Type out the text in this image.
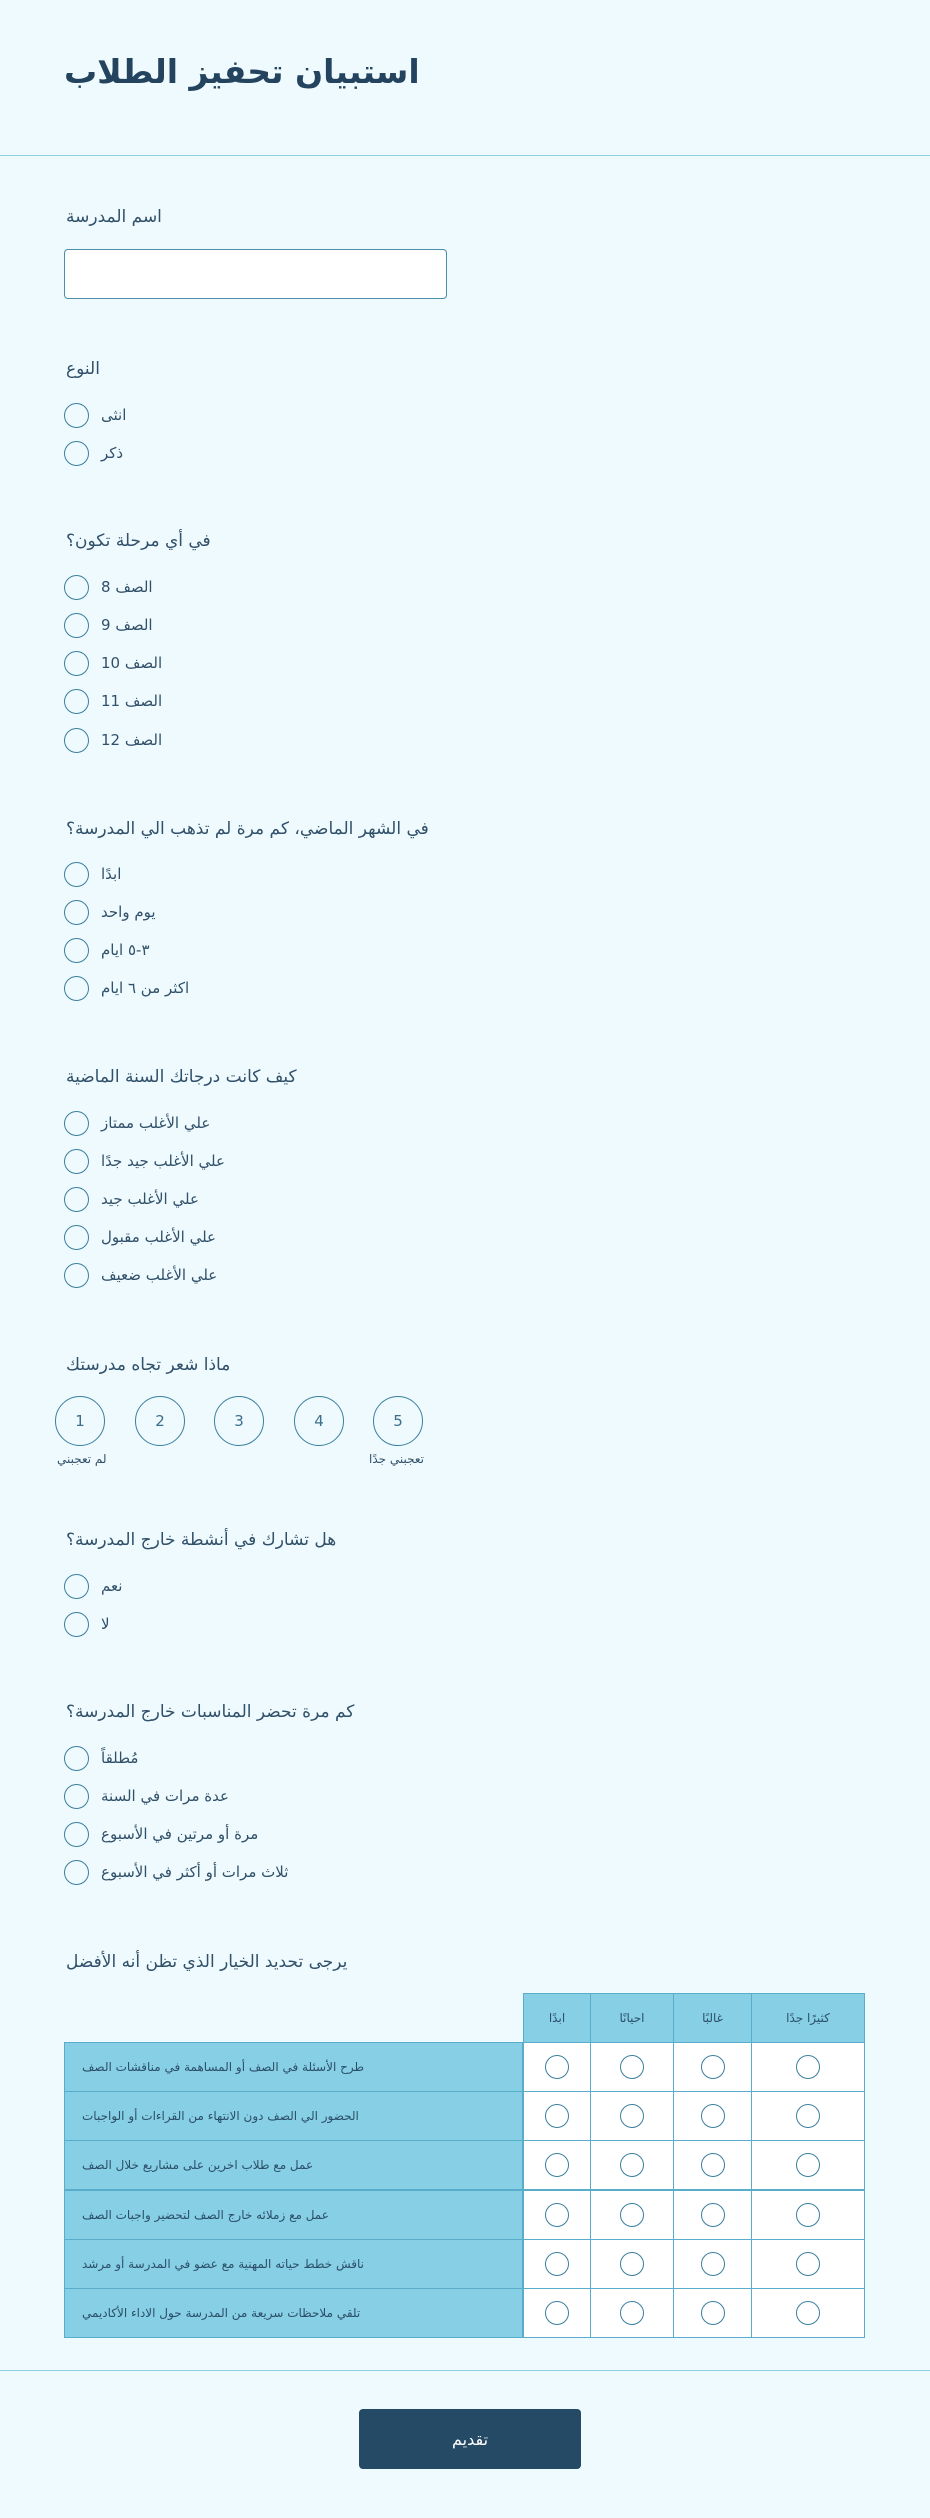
استبيان تحفيز الطلاب
اسم المدرسة
النوع
انثى
ذكر
في أي مرحلة تكون؟
الصف 8
الصف 9
الصف 10
الصف 11
الصف 12
في الشهر الماضي، كم مرة لم تذهب الي المدرسة؟
ابدًا
يوم واحد
٣-٥ ايام
اكثر من ٦ ايام
كيف كانت درجاتك السنة الماضية
علي الأغلب ممتاز
علي الأغلب جيد جدًا
علي الأغلب جيد
علي الأغلب مقبول
علي الأغلب ضعيف
ماذا شعر تجاه مدرستك
1	2	3	4	5
لم تعجبني	تعجبني جدًا
هل تشارك في أنشطة خارج المدرسة؟
نعم
لا
كم مرة تحضر المناسبات خارج المدرسة؟
مُطلقاً
عدة مرات في السنة
مرة أو مرتين في الأسبوع
ثلاث مرات أو أكثر في الأسبوع
يرجى تحديد الخيار الذي تظن أنه الأفضل
ابدًا	احيانًا	غالبًا	كثيرًا جدًا
طرح الأسئلة في الصف أو المساهمة في مناقشات الصف
الحضور الي الصف دون الانتهاء من القراءات أو الواجبات
عمل مع طلاب اخرين على مشاريع خلال الصف
عمل مع زملائه خارج الصف لتحضير واجبات الصف
ناقش خطط حياته المهنية مع عضو في المدرسة أو مرشد
تلقي ملاحظات سريعة من المدرسة حول الاداء الأكاديمي
تقديم
